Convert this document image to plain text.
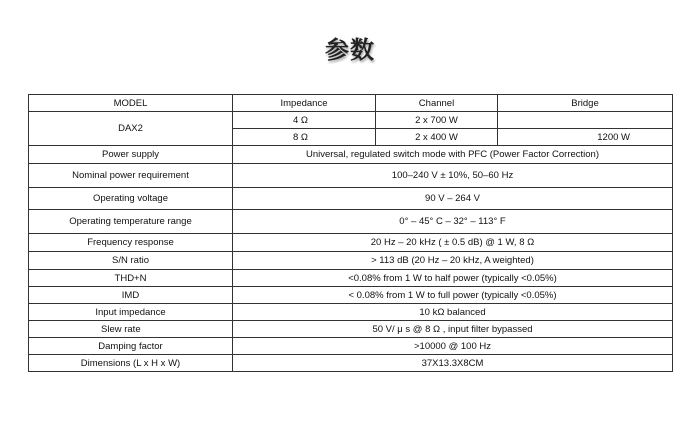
参数
MODEL	Impedance	Channel	Bridge
DAX2	4 Ω	2 x 700 W	
	8 Ω	2 x 400 W	1200 W
Power supply	Universal, regulated switch mode with PFC (Power Factor Correction)		
Nominal power requirement	100–240 V ± 10%, 50–60 Hz		
Operating voltage	90 V – 264 V		
Operating temperature range	0° – 45° C – 32° – 113° F		
Frequency response	20 Hz – 20 kHz ( ± 0.5 dB) @ 1 W, 8 Ω		
S/N ratio	> 113 dB (20 Hz – 20 kHz, A weighted)		
THD+N	<0.08% from 1 W to half power (typically <0.05%)		
IMD	< 0.08% from 1 W to full power (typically <0.05%)		
Input impedance	10 kΩ balanced		
Slew rate	50 V/ μ s @ 8 Ω , input filter bypassed		
Damping factor	>10000 @ 100 Hz		
Dimensions (L x H x W)	37X13.3X8CM		
